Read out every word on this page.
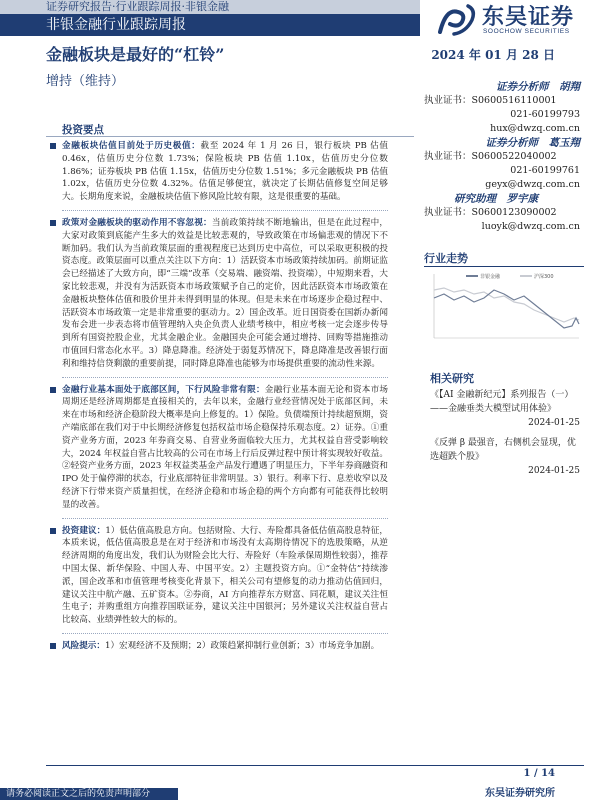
证券研究报告·行业跟踪周报·非银金融
非银金融行业跟踪周报	东吴证券
SOOCHOW SECURITIES
金融板块是最好的“杠铃”	2024 年 01 月 28 日
增持（维持）	证券分析师　胡翔
执业证书：S0600516110001
021-60199793
hux@dwzq.com.cn
证券分析师　葛玉翔
执业证书：S0600522040002
021-60199761
geyx@dwzq.com.cn
研究助理　罗宇康
执业证书：S0600123090002
luoyk@dwzq.com.cn
投资要点

金融板块估值目前处于历史极值：截至 2024 年 1 月 26 日，银行板块 PB 估值 0.46x，估值历史分位数 1.73%；保险板块 PB 估值 1.10x，估值历史分位数 1.86%；证券板块 PB 估值 1.15x，估值历史分位数 1.51%；多元金融板块 PB 估值 1.02x，估值历史分位数 4.32%。估值足够便宜，就决定了长期估值修复空间足够大。长期角度来说，金融板块估值下修风险比较有限，这是很重要的基础。

政策对金融板块的驱动作用不容忽视：当前政策持续不断地输出，但是在此过程中，大家对政策到底能产生多大的效益是比较悲观的，导致政策在市场偏悲观的情况下不断加码。我们认为当前政策层面的重视程度已达到历史中高位，可以采取更积极的投资态度。政策层面可以重点关注以下方向：1）活跃资本市场政策持续加码。前期证监会已经描述了大致方向，即“三端”改革（交易端、融资端、投资端），中短期来看，大家比较悲观，并没有为活跃资本市场政策赋予自己的定价，因此活跃资本市场政策在金融板块整体估值和股价里并未得到明显的体现。但是未来在市场逐步企稳过程中、活跃资本市场政策一定是非常重要的驱动力。2）国企改革。近日国资委在国新办新闻发布会进一步表态将市值管理纳入央企负责人业绩考核中，相应考核一定会逐步传导到所有国资控股企业，尤其金融企业。金融国央企可能会通过增持、回购等措施推动市值回归常态化水平。3）降息降准。经济处于弱复苏情况下，降息降准是改善银行面利和维持信贷剩激的重要前提，同时降息降准也能够为市场提供重要的流动性来源。

金融行业基本面处于底部区间，下行风险非常有限：金融行业基本面无论和资本市场周期还是经济周期都是直接相关的，去年以来，金融行业经营情况处于底部区间，未来在市场和经济企稳阶段大概率是向上修复的。1）保险。负债端预计持续超预期，资产端底部在我们对于中长期经济修复包括权益市场企稳保持乐观态度。2）证券。①重资产业务方面，2023 年券商交易、自营业务面临较大压力，尤其权益自营受影响较大，2024 年权益自营占比较高的公司在市场上行后反弹过程中预计将实现较好收益。②轻资产业务方面，2023 年权益类基金产品发行遭遇了明显压力，下半年券商融资和 IPO 处于偏停滞的状态，行业底部特征非常明显。3）银行。利率下行、息差收窄以及经济下行带来资产质量担忧，在经济企稳和市场企稳的两个方向都有可能获得比较明显的改善。

投资建议：1）低估值高股息方向。包括财险、大行、寿险都具备低估值高股息特征，本质来说，低估值高股息是在对于经济和市场没有太高期待情况下的选股策略，从逆经济周期的角度出发，我们认为财险会比大行、寿险好（车险承保周期性较弱），推荐中国太保、新华保险、中国人寿、中国平安。2）主题投资方向。①“金特估”持续渗派，国企改革和市值管理考核变化背景下，相关公司有望修复的动力推动估值回归，建议关注中航产融、五矿资本。②券商，AI 方向推荐东方财富、同花顺，建议关注恒生电子；并购重组方向推荐国联证券，建议关注中国银河；另外建议关注权益自营占比较高、业绩弹性较大的标的。

风险提示：1）宏观经济不及预期；2）政策趋紧抑制行业创新；3）市场竞争加剧。

行业走势
非银金融	沪深300
相关研究
《【AI 金融新纪元】系列报告（一）——金融垂类大模型试用体验》
2024-01-25
《反弹 β 最强音，右侧机会显现，优选超跌个股》
2024-01-25
1 / 14
东吴证券研究所
请务必阅读正文之后的免责声明部分
